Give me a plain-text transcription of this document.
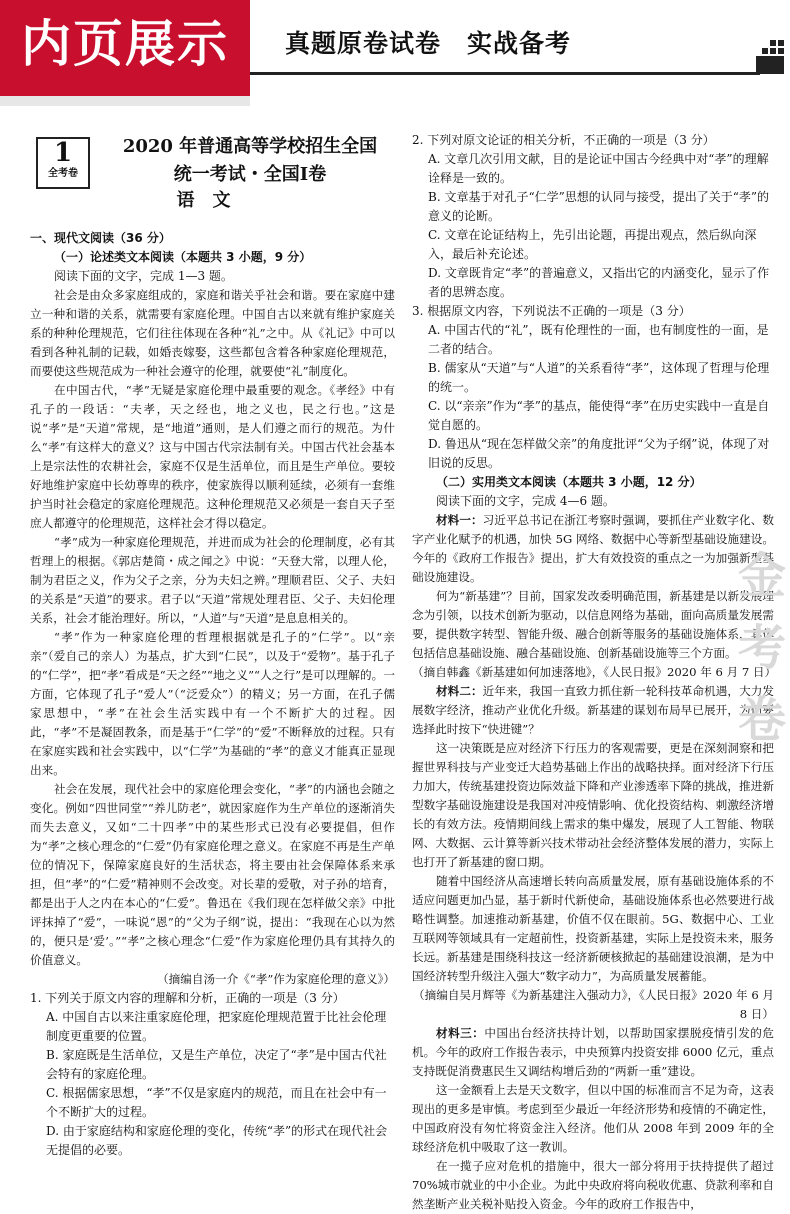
内页展示	真题原卷试卷　实战备考
1
全考卷
2020 年普通高等学校招生全国
统一考试・全国Ⅰ卷
语文
一、现代文阅读（36 分）
（一）论述类文本阅读（本题共 3 小题，9 分）
阅读下面的文字，完成 1—3 题。

社会是由众多家庭组成的，家庭和谐关乎社会和谐。要在家庭中建立一种和谐的关系，就需要有家庭伦理。中国自古以来就有维护家庭关系的种种伦理规范，它们往往体现在各种“礼”之中。从《礼记》中可以看到各种礼制的记载，如婚丧嫁娶，这些都包含着各种家庭伦理规范，而要使这些规范成为一种社会遵守的伦理，就要使“礼”制度化。

在中国古代，“孝”无疑是家庭伦理中最重要的观念。《孝经》中有孔子的一段话：“夫孝，天之经也，地之义也，民之行也。”这是说“孝”是“天道”常规，是“地道”通则，是人们遵之而行的规范。为什么“孝”有这样大的意义？这与中国古代宗法制有关。中国古代社会基本上是宗法性的农耕社会，家庭不仅是生活单位，而且是生产单位。要较好地维护家庭中长幼尊卑的秩序，使家族得以顺利延续，必须有一套维护当时社会稳定的家庭伦理规范。这种伦理规范又必须是一套自天子至庶人都遵守的伦理规范，这样社会才得以稳定。

“孝”成为一种家庭伦理规范，并进而成为社会的伦理制度，必有其哲理上的根据。《郭店楚简・成之闻之》中说：“天登大常，以理人伦，制为君臣之义，作为父子之亲，分为夫妇之辨。”理顺君臣、父子、夫妇的关系是“天道”的要求。君子以“天道”常规处理君臣、父子、夫妇伦理关系，社会才能治理好。所以，“人道”与“天道”是息息相关的。

“孝”作为一种家庭伦理的哲理根据就是孔子的“仁学”。以“亲亲”（爱自己的亲人）为基点，扩大到“仁民”，以及于“爱物”。基于孔子的“仁学”，把“孝”看成是“天之经”“地之义”“人之行”是可以理解的。一方面，它体现了孔子“爱人”（“泛爱众”）的精义；另一方面，在孔子儒家思想中，“孝”在社会生活实践中有一个不断扩大的过程。因此，“孝”不是凝固教条，而是基于“仁学”的“爱”不断释放的过程。只有在家庭实践和社会实践中，以“仁学”为基础的“孝”的意义才能真正显现出来。

社会在发展，现代社会中的家庭伦理会变化，“孝”的内涵也会随之变化。例如“四世同堂”“养儿防老”，就因家庭作为生产单位的逐渐消失而失去意义，又如“二十四孝”中的某些形式已没有必要提倡，但作为“孝”之核心理念的“仁爱”仍有家庭伦理之意义。在家庭不再是生产单位的情况下，保障家庭良好的生活状态，将主要由社会保障体系来承担，但“孝”的“仁爱”精神则不会改变。对长辈的爱敬，对子孙的培育，都是出于人之内在本心的“仁爱”。鲁迅在《我们现在怎样做父亲》中批评抹掉了“爱”，一味说“恩”的“父为子纲”说，提出：“我现在心以为然的，便只是‘爱’。”“孝”之核心理念“仁爱”作为家庭伦理仍具有其持久的价值意义。

（摘编自汤一介《“孝”作为家庭伦理的意义》）
1. 下列关于原文内容的理解和分析，正确的一项是（3 分）
A. 中国自古以来注重家庭伦理，把家庭伦理规范置于比社会伦理制度更重要的位置。
B. 家庭既是生活单位，又是生产单位，决定了“孝”是中国古代社会特有的家庭伦理。
C. 根据儒家思想，“孝”不仅是家庭内的规范，而且在社会中有一个不断扩大的过程。
D. 由于家庭结构和家庭伦理的变化，传统“孝”的形式在现代社会无提倡的必要。
2. 下列对原文论证的相关分析，不正确的一项是（3 分）
A. 文章几次引用文献，目的是论证中国古今经典中对“孝”的理解诠释是一致的。
B. 文章基于对孔子“仁学”思想的认同与接受，提出了关于“孝”的意义的论断。
C. 文章在论证结构上，先引出论题，再提出观点，然后纵向深入，最后补充论述。
D. 文章既肯定“孝”的普遍意义，又指出它的内涵变化，显示了作者的思辨态度。
3. 根据原文内容，下列说法不正确的一项是（3 分）
A. 中国古代的“礼”，既有伦理性的一面，也有制度性的一面，是二者的结合。
B. 儒家从“天道”与“人道”的关系看待“孝”，这体现了哲理与伦理的统一。
C. 以“亲亲”作为“孝”的基点，能使得“孝”在历史实践中一直是自觉自愿的。
D. 鲁迅从“现在怎样做父亲”的角度批评“父为子纲”说，体现了对旧说的反思。
（二）实用类文本阅读（本题共 3 小题，12 分）
阅读下面的文字，完成 4—6 题。

材料一：习近平总书记在浙江考察时强调，要抓住产业数字化、数字产业化赋予的机遇，加快 5G 网络、数据中心等新型基础设施建设。今年的《政府工作报告》提出，扩大有效投资的重点之一为加强新型基础设施建设。

何为“新基建”？目前，国家发改委明确范围，新基建是以新发展理念为引领，以技术创新为驱动，以信息网络为基础，面向高质量发展需要，提供数字转型、智能升级、融合创新等服务的基础设施体系，具体包括信息基础设施、融合基础设施、创新基础设施等三个方面。

（摘自韩鑫《新基建如何加速落地》，《人民日报》2020 年 6 月 7 日）

材料二：近年来，我国一直致力抓住新一轮科技革命机遇，大力发展数字经济，推动产业优化升级。新基建的谋划布局早已展开，为何要选择此时按下“快进键”？

这一决策既是应对经济下行压力的客观需要，更是在深刻洞察和把握世界科技与产业变迁大趋势基础上作出的战略抉择。面对经济下行压力加大，传统基建投资边际效益下降和产业渗透率下降的挑战，推进新型数字基础设施建设是我国对冲疫情影响、优化投资结构、刺激经济增长的有效方法。疫情期间线上需求的集中爆发，展现了人工智能、物联网、大数据、云计算等新兴技术带动社会经济整体发展的潜力，实际上也打开了新基建的窗口期。

随着中国经济从高速增长转向高质量发展，原有基础设施体系的不适应问题更加凸显，基于新时代新使命，基础设施体系也必然要进行战略性调整。加速推动新基建，价值不仅在眼前。5G、数据中心、工业互联网等领域具有一定超前性，投资新基建，实际上是投资未来，服务长远。新基建是围绕科技这一经济新硬核掀起的基础建设浪潮，是为中国经济转型升级注入强大“数字动力”，为高质量发展蓄能。

（摘编自吴月辉等《为新基建注入强动力》，《人民日报》2020 年 6 月 8 日）

材料三：中国出台经济扶持计划，以帮助国家摆脱疫情引发的危机。今年的政府工作报告表示，中央预算内投资安排 6000 亿元，重点支持既促消费惠民生又调结构增后劲的“两新一重”建设。

这一金额看上去是天文数字，但以中国的标准而言不足为奇，这表现出的更多是审慎。考虑到至少最近一年经济形势和疫情的不确定性，中国政府没有匆忙将资金注入经济。他们从 2008 年到 2009 年的全球经济危机中吸取了这一教训。

在一揽子应对危机的措施中，很大一部分将用于扶持提供了超过 70%城市就业的中小企业。为此中央政府将向税收优惠、贷款利率和自然垄断产业关税补贴投入资金。今年的政府工作报告中，

金考卷
